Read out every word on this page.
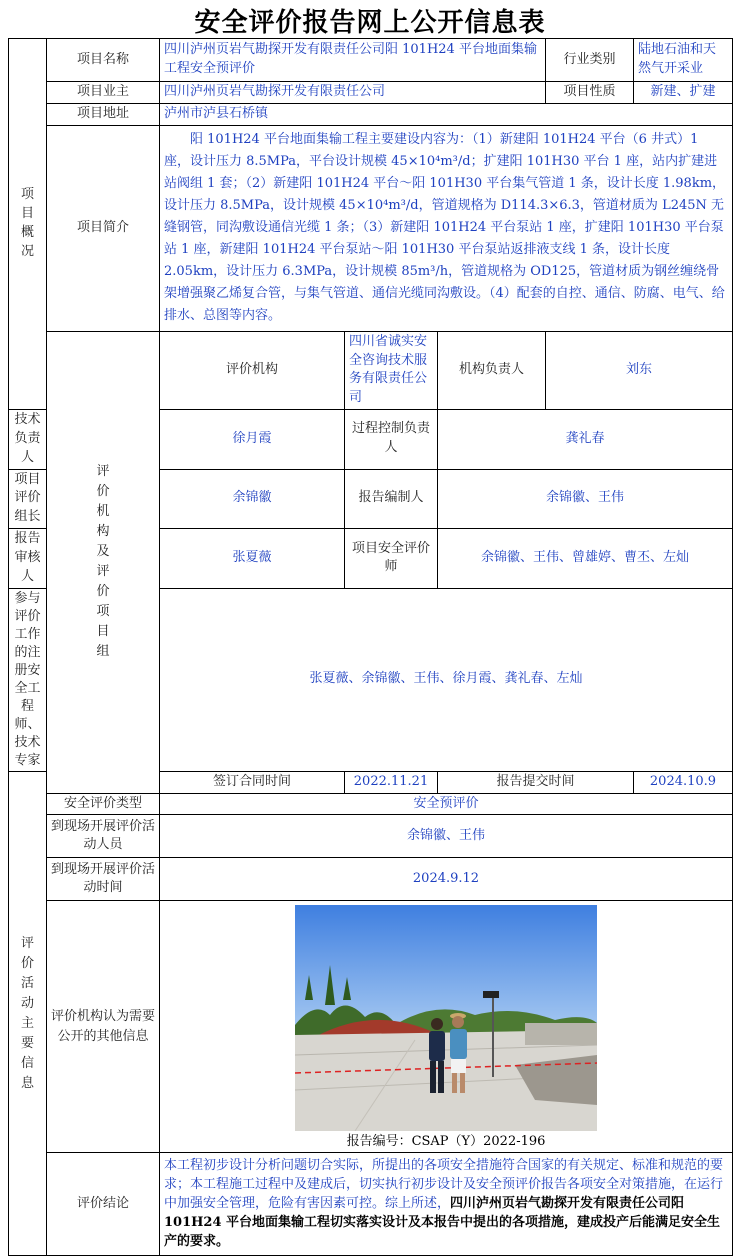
安全评价报告网上公开信息表
项目概况	项目名称	四川泸州页岩气勘探开发有限责任公司阳 101H24 平台地面集输工程安全预评价			行业类别	陆地石油和天然气开采业
	项目业主	四川泸州页岩气勘探开发有限责任公司			项目性质	新建、扩建
	项目地址	泸州市泸县石桥镇				
	项目简介	阳 101H24 平台地面集输工程主要建设内容为：（1）新建阳 101H24 平台（6 井式）1 座，设计压力 8.5MPa，平台设计规模 45×10⁴m³/d；扩建阳 101H30 平台 1 座，站内扩建进站阀组 1 套；（2）新建阳 101H24 平台～阳 101H30 平台集气管道 1 条，设计长度 1.98km，设计压力 8.5MPa，设计规模 45×10⁴m³/d，管道规格为 D114.3×6.3，管道材质为 L245N 无缝钢管，同沟敷设通信光缆 1 条；（3）新建阳 101H24 平台泵站 1 座，扩建阳 101H30 平台泵站 1 座，新建阳 101H24 平台泵站～阳 101H30 平台泵站返排液支线 1 条，设计长度 2.05km，设计压力 6.3MPa，设计规模 85m³/h，管道规格为 OD125，管道材质为钢丝缠绕骨架增强聚乙烯复合管，与集气管道、通信光缆同沟敷设。（4）配套的自控、通信、防腐、电气、给排水、总图等内容。				

	评价机构及评价项目组	评价机构	四川省诚实安全咨询技术服务有限责任公司	机构负责人	刘东	
技术负责人		徐月霞	过程控制负责人	龚礼春		
项目评价组长		余锦徽	报告编制人	余锦徽、王伟		
报告审核人		张夏薇	项目安全评价师	余锦徽、王伟、曾雄婷、曹丕、左灿		
参与评价工作的注册安全工程师、技术专家		张夏薇、余锦徽、王伟、徐月霞、龚礼春、左灿				

评价活动主要信息		签订合同时间	2022.11.21	报告提交时间		2024.10.9
	安全评价类型	安全预评价				
	到现场开展评价活动人员	余锦徽、王伟				
	到现场开展评价活动时间	2024.9.12				
	评价机构认为需要公开的其他信息	报告编号：CSAP（Y）2022-196				

	评价结论	本工程初步设计分析问题切合实际，所提出的各项安全措施符合国家的有关规定、标准和规范的要求；本工程施工过程中及建成后，切实执行初步设计及安全预评价报告各项安全对策措施，在运行中加强安全管理，危险有害因素可控。综上所述，四川泸州页岩气勘探开发有限责任公司阳 101H24 平台地面集输工程切实落实设计及本报告中提出的各项措施，建成投产后能满足安全生产的要求。				
